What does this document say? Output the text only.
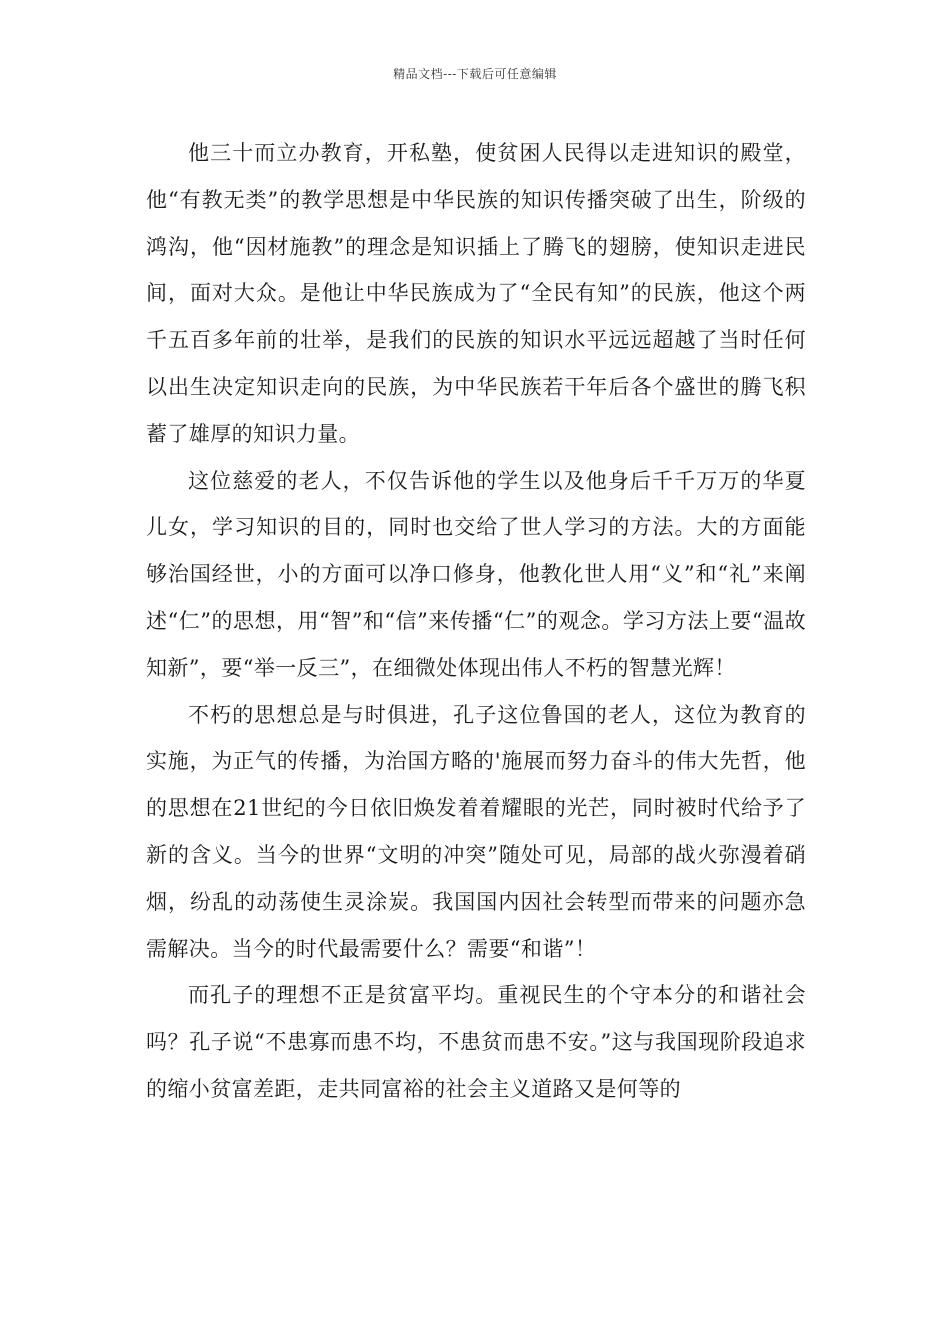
精品文档---下载后可任意编辑

他三十而立办教育，开私塾，使贫困人民得以走进知识的殿堂，他“有教无类”的教学思想是中华民族的知识传播突破了出生，阶级的鸿沟，他“因材施教”的理念是知识插上了腾飞的翅膀，使知识走进民间，面对大众。是他让中华民族成为了“全民有知”的民族，他这个两千五百多年前的壮举，是我们的民族的知识水平远远超越了当时任何以出生决定知识走向的民族，为中华民族若干年后各个盛世的腾飞积蓄了雄厚的知识力量。

这位慈爱的老人，不仅告诉他的学生以及他身后千千万万的华夏儿女，学习知识的目的，同时也交给了世人学习的方法。大的方面能够治国经世，小的方面可以净口修身，他教化世人用“义”和“礼”来阐述“仁”的思想，用“智”和“信”来传播“仁”的观念。学习方法上要“温故知新”，要“举一反三”，在细微处体现出伟人不朽的智慧光辉！

不朽的思想总是与时俱进，孔子这位鲁国的老人，这位为教育的实施，为正气的传播，为治国方略的'施展而努力奋斗的伟大先哲，他的思想在21世纪的今日依旧焕发着着耀眼的光芒，同时被时代给予了新的含义。当今的世界“文明的冲突”随处可见，局部的战火弥漫着硝烟，纷乱的动荡使生灵涂炭。我国国内因社会转型而带来的问题亦急需解决。当今的时代最需要什么？需要“和谐”！

而孔子的理想不正是贫富平均。重视民生的个守本分的和谐社会吗？孔子说“不患寡而患不均，不患贫而患不安。”这与我国现阶段追求的缩小贫富差距，走共同富裕的社会主义道路又是何等的
